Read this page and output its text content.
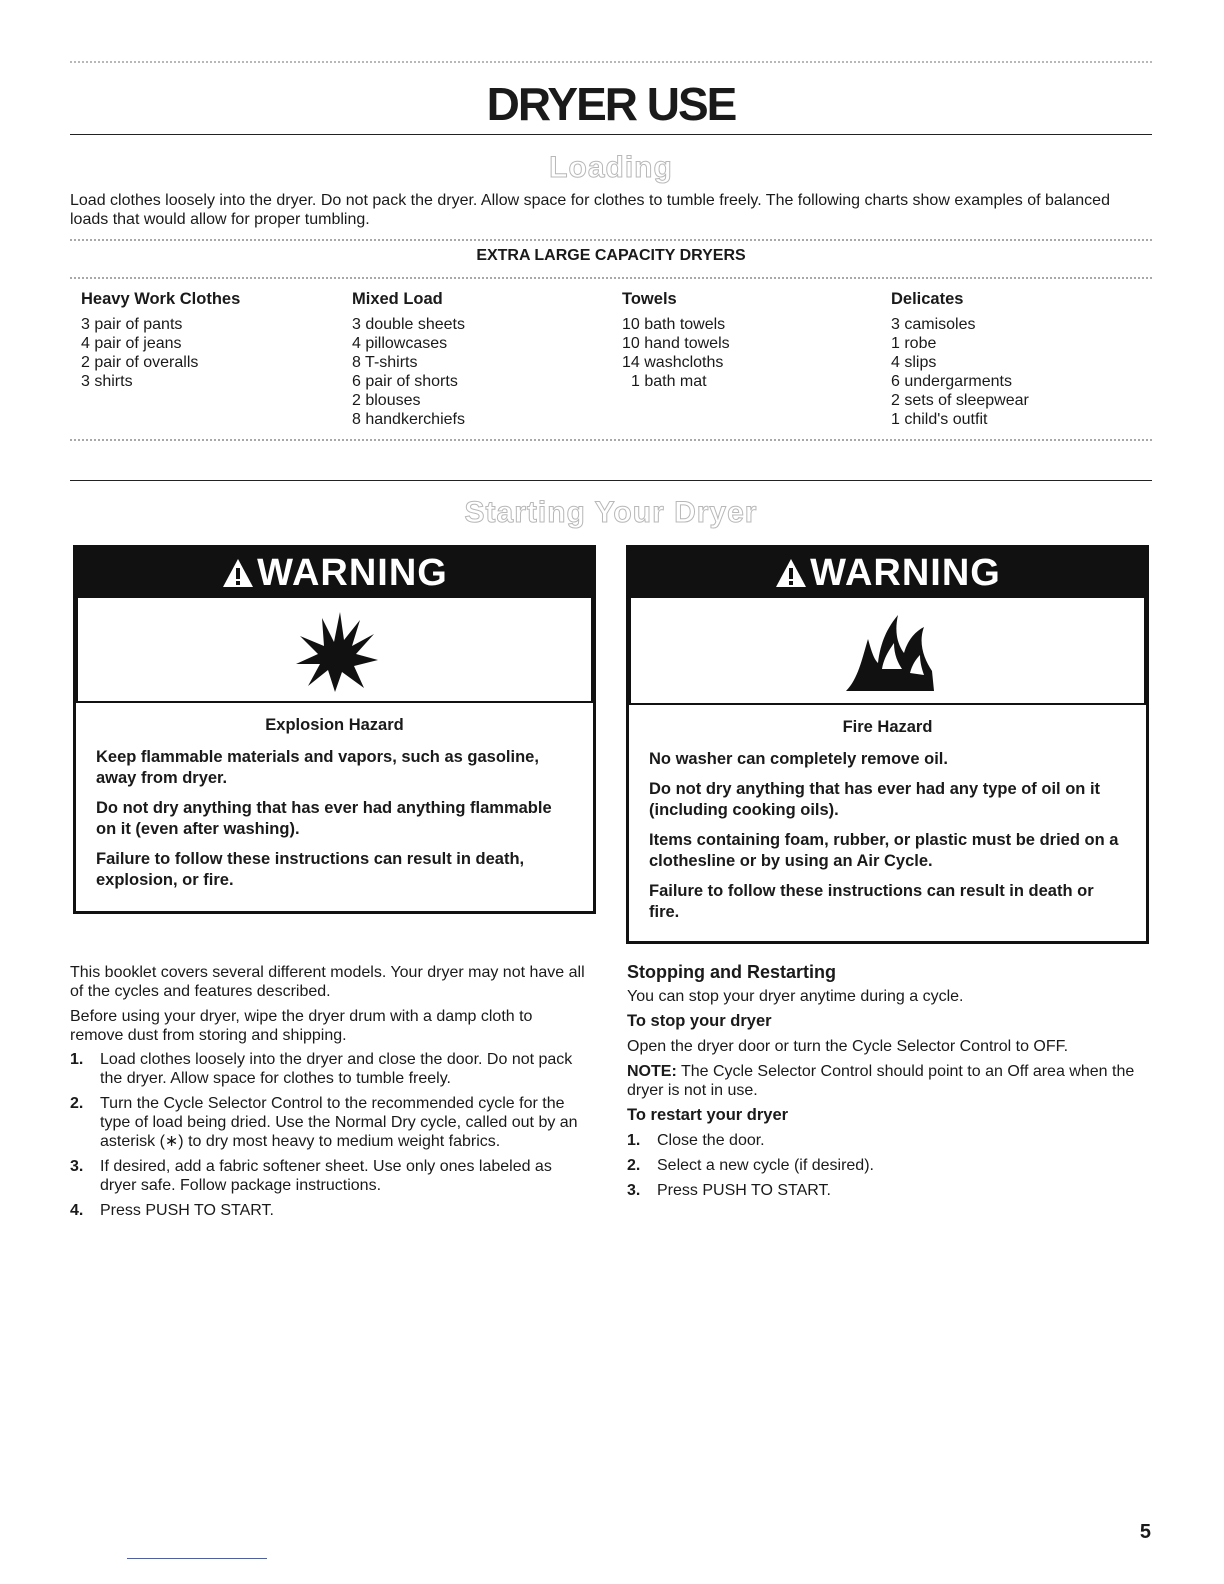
DRYER USE
Loading

Load clothes loosely into the dryer. Do not pack the dryer. Allow space for clothes to tumble freely. The following charts show examples of balanced loads that would allow for proper tumbling.

EXTRA LARGE CAPACITY DRYERS
Heavy Work Clothes
3 pair of pants
4 pair of jeans
2 pair of overalls
3 shirts
Mixed Load
3 double sheets
4 pillowcases
8 T-shirts
6 pair of shorts
2 blouses
8 handkerchiefs
Towels
10 bath towels
10 hand towels
14 washcloths
1 bath mat
Delicates
3 camisoles
1 robe
4 slips
6 undergarments
2 sets of sleepwear
1 child's outfit
Starting Your Dryer
WARNING

Explosion Hazard

Keep flammable materials and vapors, such as gasoline, away from dryer.

Do not dry anything that has ever had anything flammable on it (even after washing).

Failure to follow these instructions can result in death, explosion, or fire.

WARNING

Fire Hazard

No washer can completely remove oil.

Do not dry anything that has ever had any type of oil on it (including cooking oils).

Items containing foam, rubber, or plastic must be dried on a clothesline or by using an Air Cycle.

Failure to follow these instructions can result in death or fire.

This booklet covers several different models. Your dryer may not have all of the cycles and features described.

Before using your dryer, wipe the dryer drum with a damp cloth to remove dust from storing and shipping.

1. Load clothes loosely into the dryer and close the door. Do not pack the dryer. Allow space for clothes to tumble freely.
2. Turn the Cycle Selector Control to the recommended cycle for the type of load being dried. Use the Normal Dry cycle, called out by an asterisk (∗) to dry most heavy to medium weight fabrics.
3. If desired, add a fabric softener sheet. Use only ones labeled as dryer safe. Follow package instructions.
4. Press PUSH TO START.
Stopping and Restarting

You can stop your dryer anytime during a cycle.

To stop your dryer

Open the dryer door or turn the Cycle Selector Control to OFF.

NOTE: The Cycle Selector Control should point to an Off area when the dryer is not in use.

To restart your dryer
1. Close the door.
2. Select a new cycle (if desired).
3. Press PUSH TO START.

5
